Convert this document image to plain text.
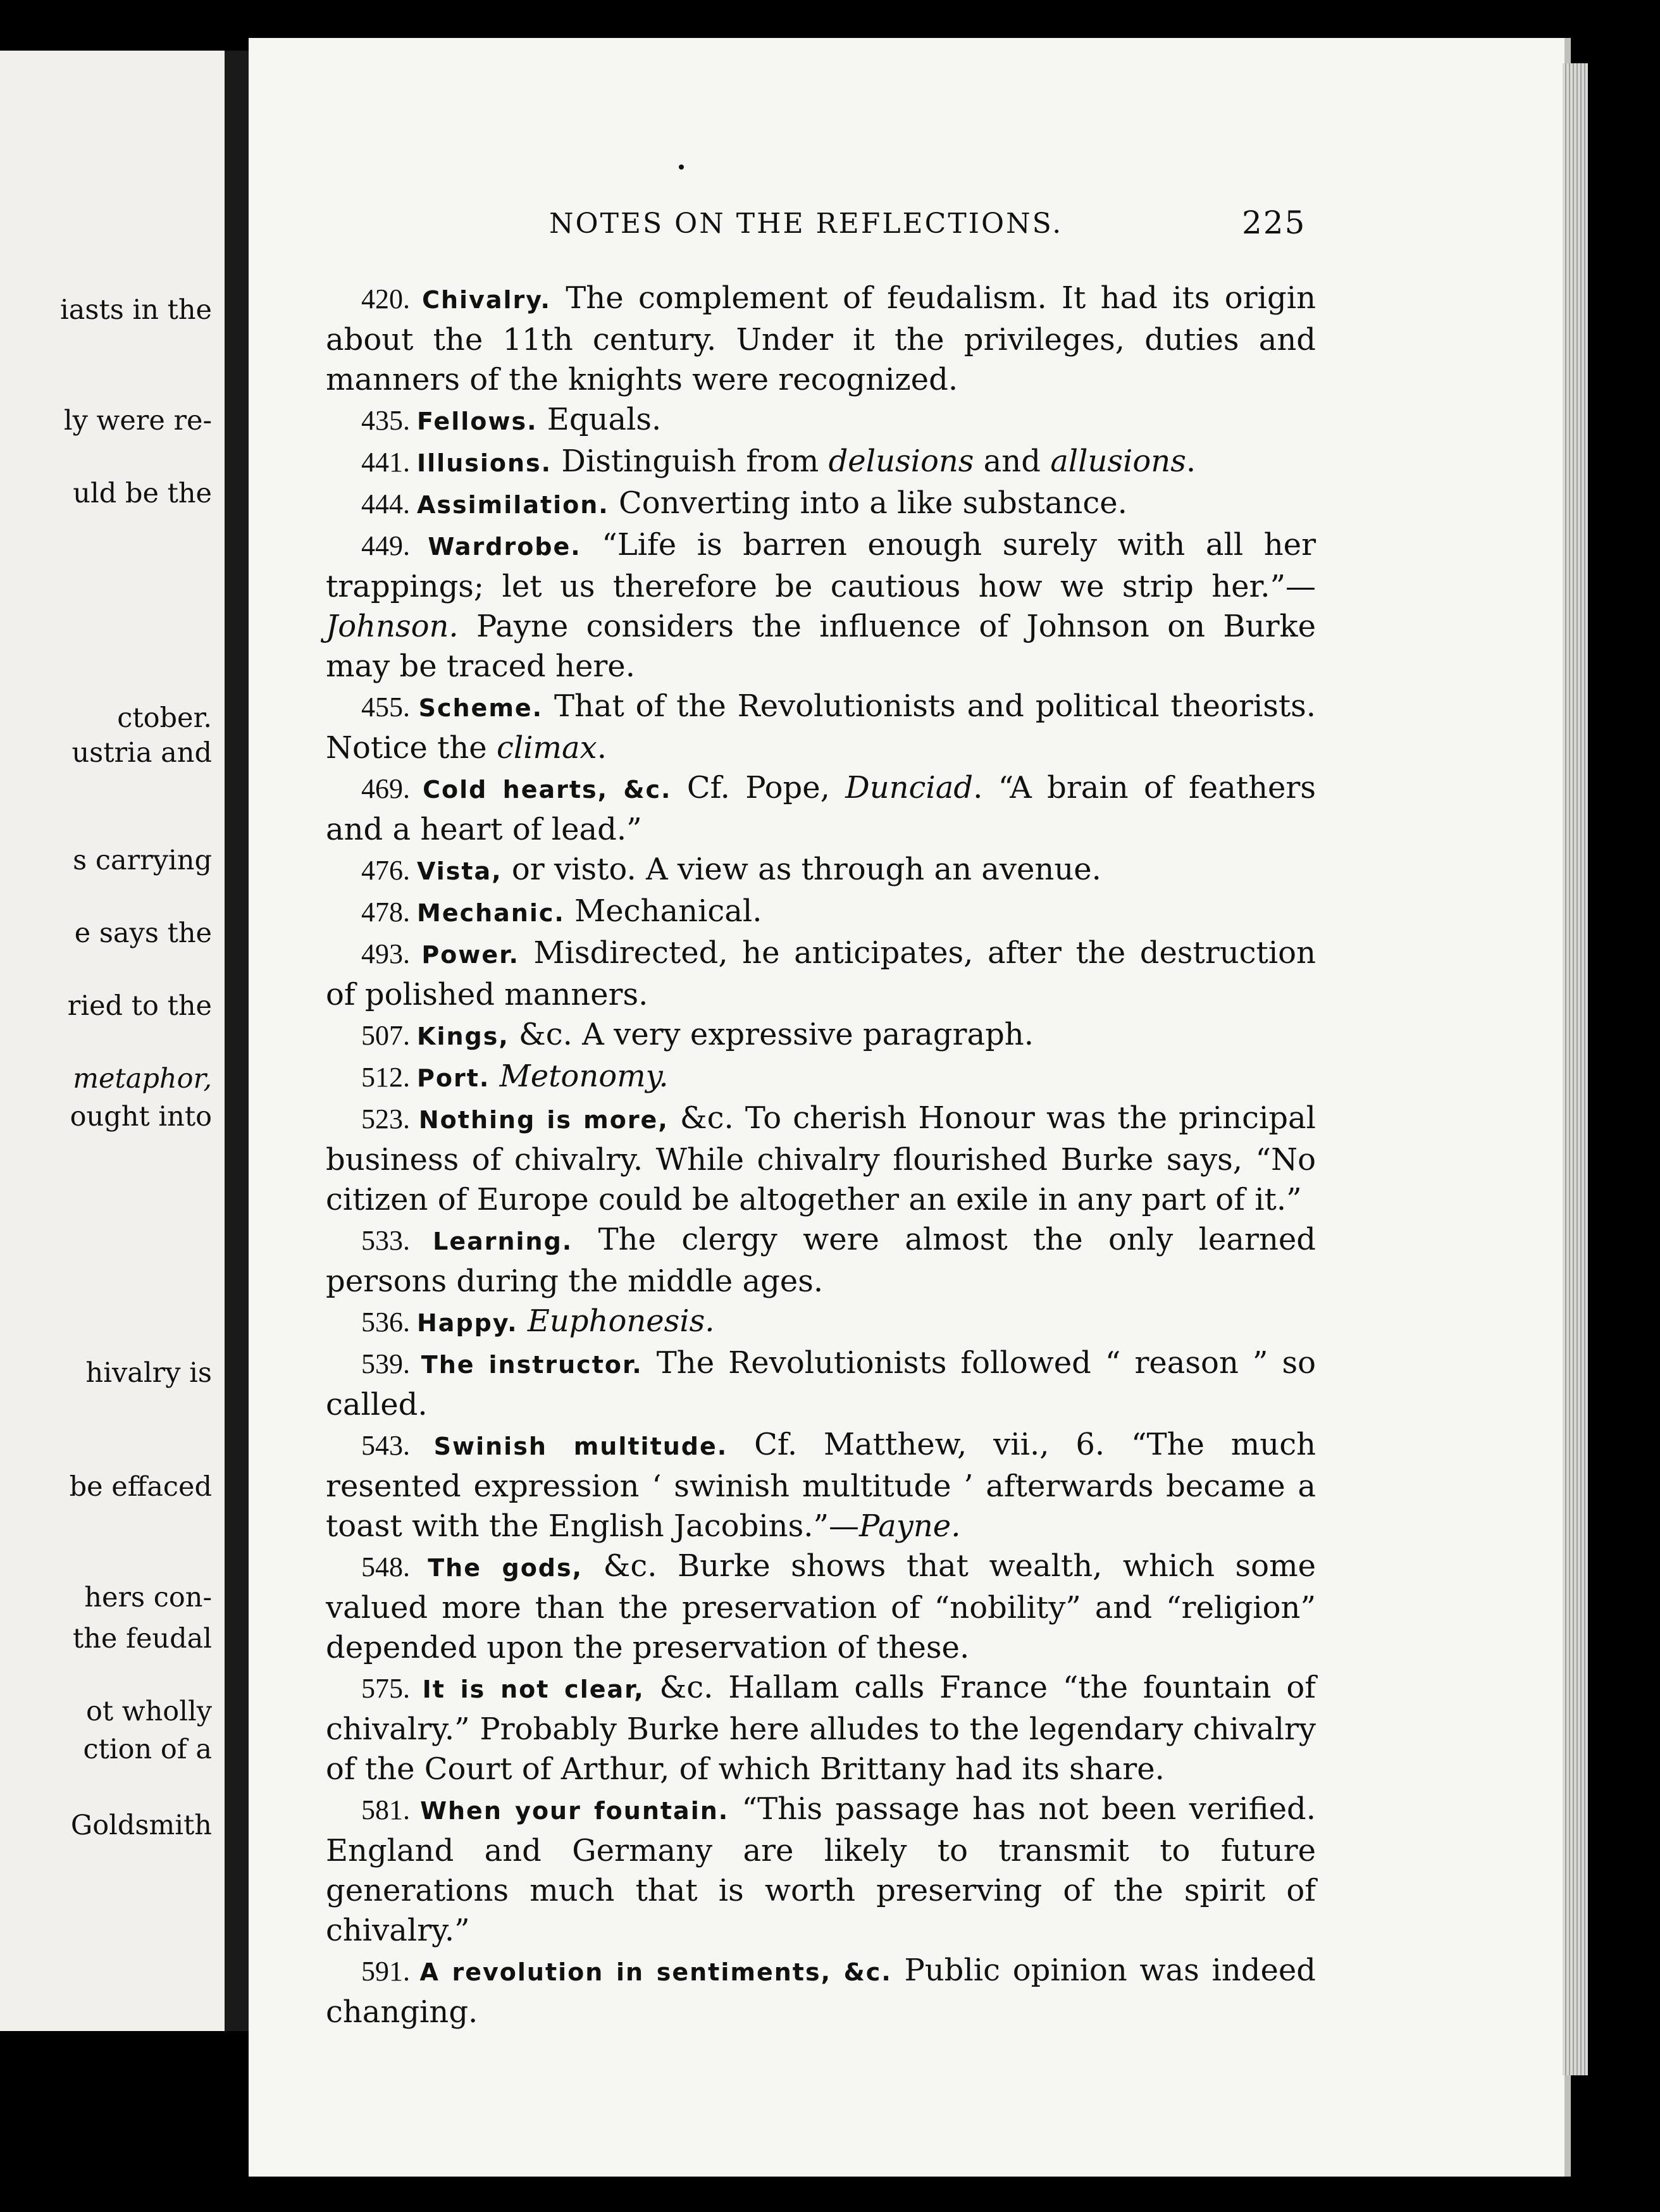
iasts in the
ly were re-
uld be the
ctober.
ustria and
s carrying
e says the
ried to the
metaphor,
ought into
hivalry is
be effaced
hers con-
the feudal
ot wholly
ction of a
Goldsmith
NOTES ON THE REFLECTIONS.	225

420. Chivalry. The complement of feudalism. It had its origin about the 11th century. Under it the privileges, duties and manners of the knights were recognized.

435. Fellows. Equals.

441. Illusions. Distinguish from delusions and allusions.

444. Assimilation. Converting into a like substance.

449. Wardrobe. “Life is barren enough surely with all her trappings; let us therefore be cautious how we strip her.”—Johnson. Payne considers the influence of Johnson on Burke may be traced here.

455. Scheme. That of the Revolutionists and political theorists. Notice the climax.

469. Cold hearts, &c. Cf. Pope, Dunciad. “A brain of feathers and a heart of lead.”

476. Vista, or visto. A view as through an avenue.

478. Mechanic. Mechanical.

493. Power. Misdirected, he anticipates, after the destruction of polished manners.

507. Kings, &c. A very expressive paragraph.

512. Port. Metonomy.

523. Nothing is more, &c. To cherish Honour was the principal business of chivalry. While chivalry flourished Burke says, “No citizen of Europe could be altogether an exile in any part of it.”

533. Learning. The clergy were almost the only learned persons during the middle ages.

536. Happy. Euphonesis.

539. The instructor. The Revolutionists followed “ reason ” so called.

543. Swinish multitude. Cf. Matthew, vii., 6. “The much resented expression ‘ swinish multitude ’ afterwards became a toast with the English Jacobins.”—Payne.

548. The gods, &c. Burke shows that wealth, which some valued more than the preservation of “nobility” and “religion” depended upon the preservation of these.

575. It is not clear, &c. Hallam calls France “the fountain of chivalry.” Probably Burke here alludes to the legendary chivalry of the Court of Arthur, of which Brittany had its share.

581. When your fountain. “This passage has not been verified. England and Germany are likely to transmit to future generations much that is worth preserving of the spirit of chivalry.”

591. A revolution in sentiments, &c. Public opinion was indeed changing.
